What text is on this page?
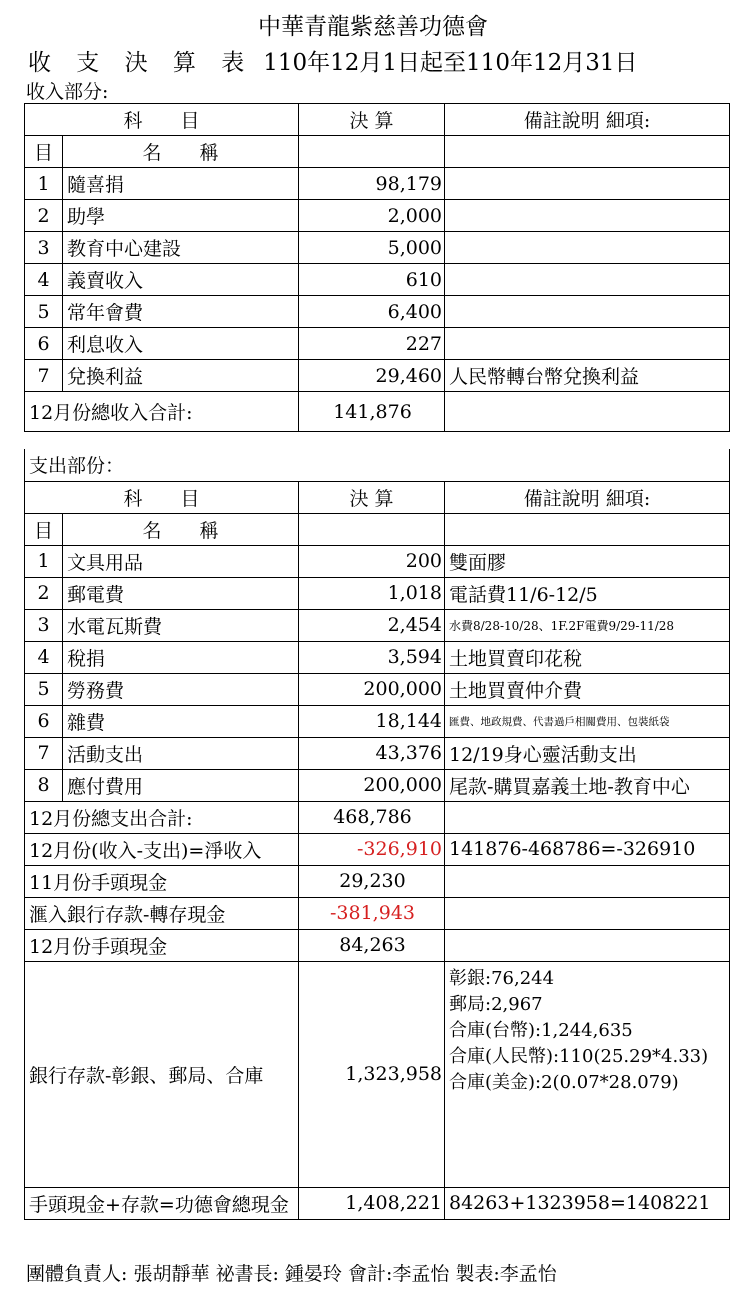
中華青龍紫慈善功德會
收 支 決 算 表 110年12月1日起至110年12月31日
收入部分:
科　　目		決 算	備註說明 細項:
目	名　　稱		
1	隨喜捐	98,179	
2	助學	2,000	
3	教育中心建設	5,000	
4	義賣收入	610	
5	常年會費	6,400	
6	利息收入	227	
7	兌換利益	29,460	人民幣轉台幣兌換利益
12月份總收入合計:		141,876	
支出部份：			
科　　目		決 算	備註說明 細項:
目	名　　稱		
1	文具用品	200	雙面膠
2	郵電費	1,018	電話費11/6-12/5
3	水電瓦斯費	2,454	水費8/28-10/28、1F.2F電費9/29-11/28
4	稅捐	3,594	土地買賣印花稅
5	勞務費	200,000	土地買賣仲介費
6	雜費	18,144	匯費、地政規費、代書過戶相關費用、包裝紙袋
7	活動支出	43,376	12/19身心靈活動支出
8	應付費用	200,000	尾款-購買嘉義土地-教育中心
12月份總支出合計:		468,786	
12月份(收入-支出)=淨收入		-326,910	141876-468786=-326910
11月份手頭現金		29,230	
滙入銀行存款-轉存現金		-381,943	
12月份手頭現金		84,263	
銀行存款-彰銀、郵局、合庫		1,323,958	彰銀:76,244
郵局:2,967
合庫(台幣):1,244,635
合庫(人民幣):110(25.29*4.33)
合庫(美金):2(0.07*28.079)

手頭現金+存款=功德會總現金		1,408,221	84263+1323958=1408221
團體負責人: 張胡靜華 祕書長: 鍾晏玲 會計:李孟怡 製表:李孟怡
